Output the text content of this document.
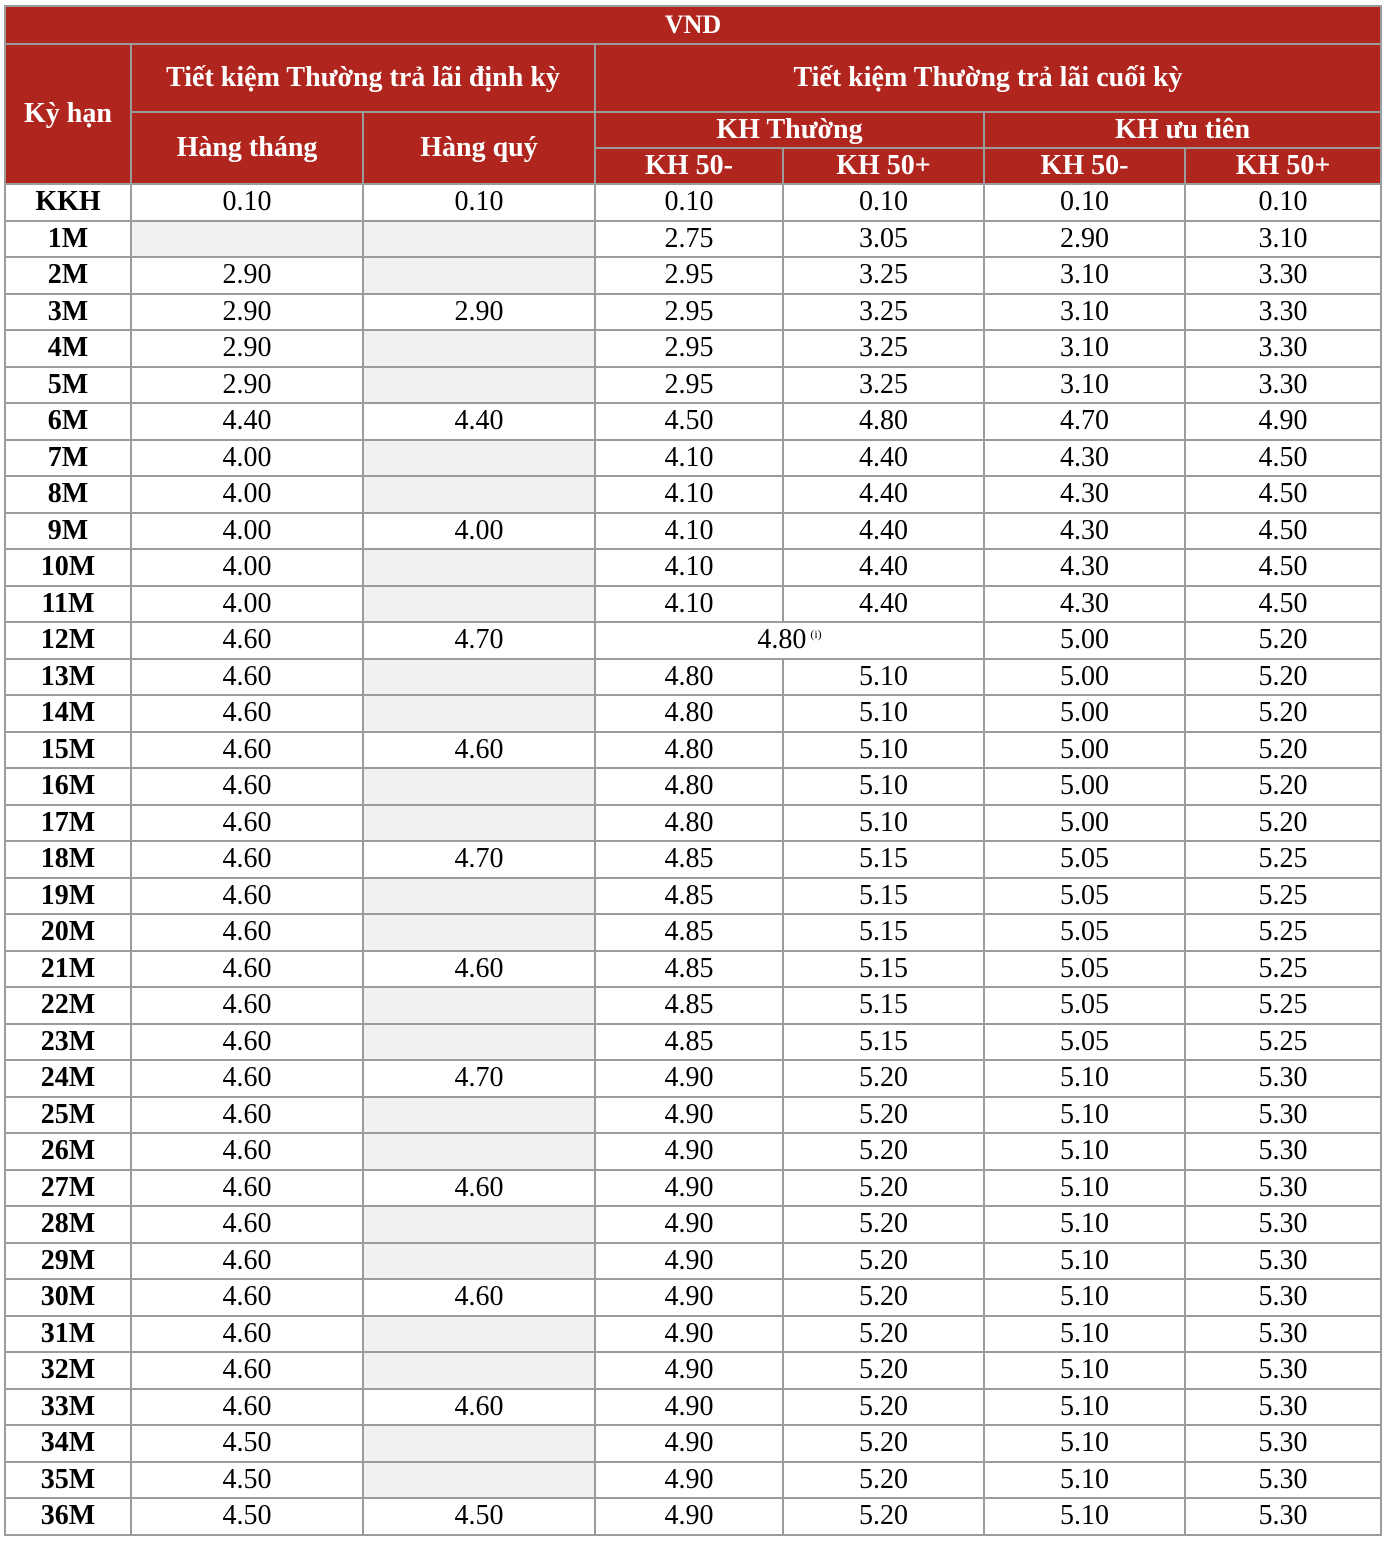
VND						
Kỳ hạn	Tiết kiệm Thường trả lãi định kỳ		Tiết kiệm Thường trả lãi cuối kỳ			
	Hàng tháng	Hàng quý	KH Thường		KH ưu tiên	
			KH 50-	KH 50+	KH 50-	KH 50+
KKH	0.10	0.10	0.10	0.10	0.10	0.10
1M			2.75	3.05	2.90	3.10
2M	2.90		2.95	3.25	3.10	3.30
3M	2.90	2.90	2.95	3.25	3.10	3.30
4M	2.90		2.95	3.25	3.10	3.30
5M	2.90		2.95	3.25	3.10	3.30
6M	4.40	4.40	4.50	4.80	4.70	4.90
7M	4.00		4.10	4.40	4.30	4.50
8M	4.00		4.10	4.40	4.30	4.50
9M	4.00	4.00	4.10	4.40	4.30	4.50
10M	4.00		4.10	4.40	4.30	4.50
11M	4.00		4.10	4.40	4.30	4.50
12M	4.60	4.70	4.80 $^{(i)}$		5.00	5.20
13M	4.60		4.80	5.10	5.00	5.20
14M	4.60		4.80	5.10	5.00	5.20
15M	4.60	4.60	4.80	5.10	5.00	5.20
16M	4.60		4.80	5.10	5.00	5.20
17M	4.60		4.80	5.10	5.00	5.20
18M	4.60	4.70	4.85	5.15	5.05	5.25
19M	4.60		4.85	5.15	5.05	5.25
20M	4.60		4.85	5.15	5.05	5.25
21M	4.60	4.60	4.85	5.15	5.05	5.25
22M	4.60		4.85	5.15	5.05	5.25
23M	4.60		4.85	5.15	5.05	5.25
24M	4.60	4.70	4.90	5.20	5.10	5.30
25M	4.60		4.90	5.20	5.10	5.30
26M	4.60		4.90	5.20	5.10	5.30
27M	4.60	4.60	4.90	5.20	5.10	5.30
28M	4.60		4.90	5.20	5.10	5.30
29M	4.60		4.90	5.20	5.10	5.30
30M	4.60	4.60	4.90	5.20	5.10	5.30
31M	4.60		4.90	5.20	5.10	5.30
32M	4.60		4.90	5.20	5.10	5.30
33M	4.60	4.60	4.90	5.20	5.10	5.30
34M	4.50		4.90	5.20	5.10	5.30
35M	4.50		4.90	5.20	5.10	5.30
36M	4.50	4.50	4.90	5.20	5.10	5.30
